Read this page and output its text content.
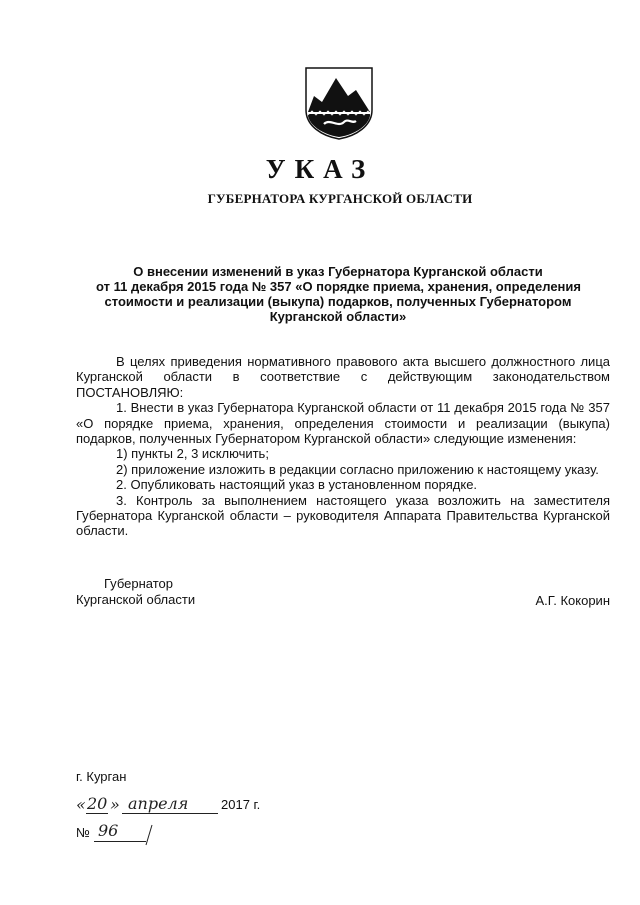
УКАЗ
ГУБЕРНАТОРА КУРГАНСКОЙ ОБЛАСТИ
О внесении изменений в указ Губернатора Курганской области
от 11 декабря 2015 года № 357 «О порядке приема, хранения, определения
стоимости и реализации (выкупа) подарков, полученных Губернатором
Курганской области»

В целях приведения нормативного правового акта высшего должностного лица Курганской области в соответствие с действующим законодательством

ПОСТАНОВЛЯЮ:

1. Внести в указ Губернатора Курганской области от 11 декабря 2015 года № 357 «О порядке приема, хранения, определения стоимости и реализации (выкупа) подарков, полученных Губернатором Курганской области» следующие изменения:

1) пункты 2, 3 исключить;

2) приложение изложить в редакции согласно приложению к настоящему указу.

2. Опубликовать настоящий указ в установленном порядке.

3. Контроль за выполнением настоящего указа возложить на заместителя Губернатора Курганской области – руководителя Аппарата Правительства Курганской области.

Губернатор
Курганской области	А.Г. Кокорин
г. Курган
« 20 » апреля	2017 г.
№ 96
